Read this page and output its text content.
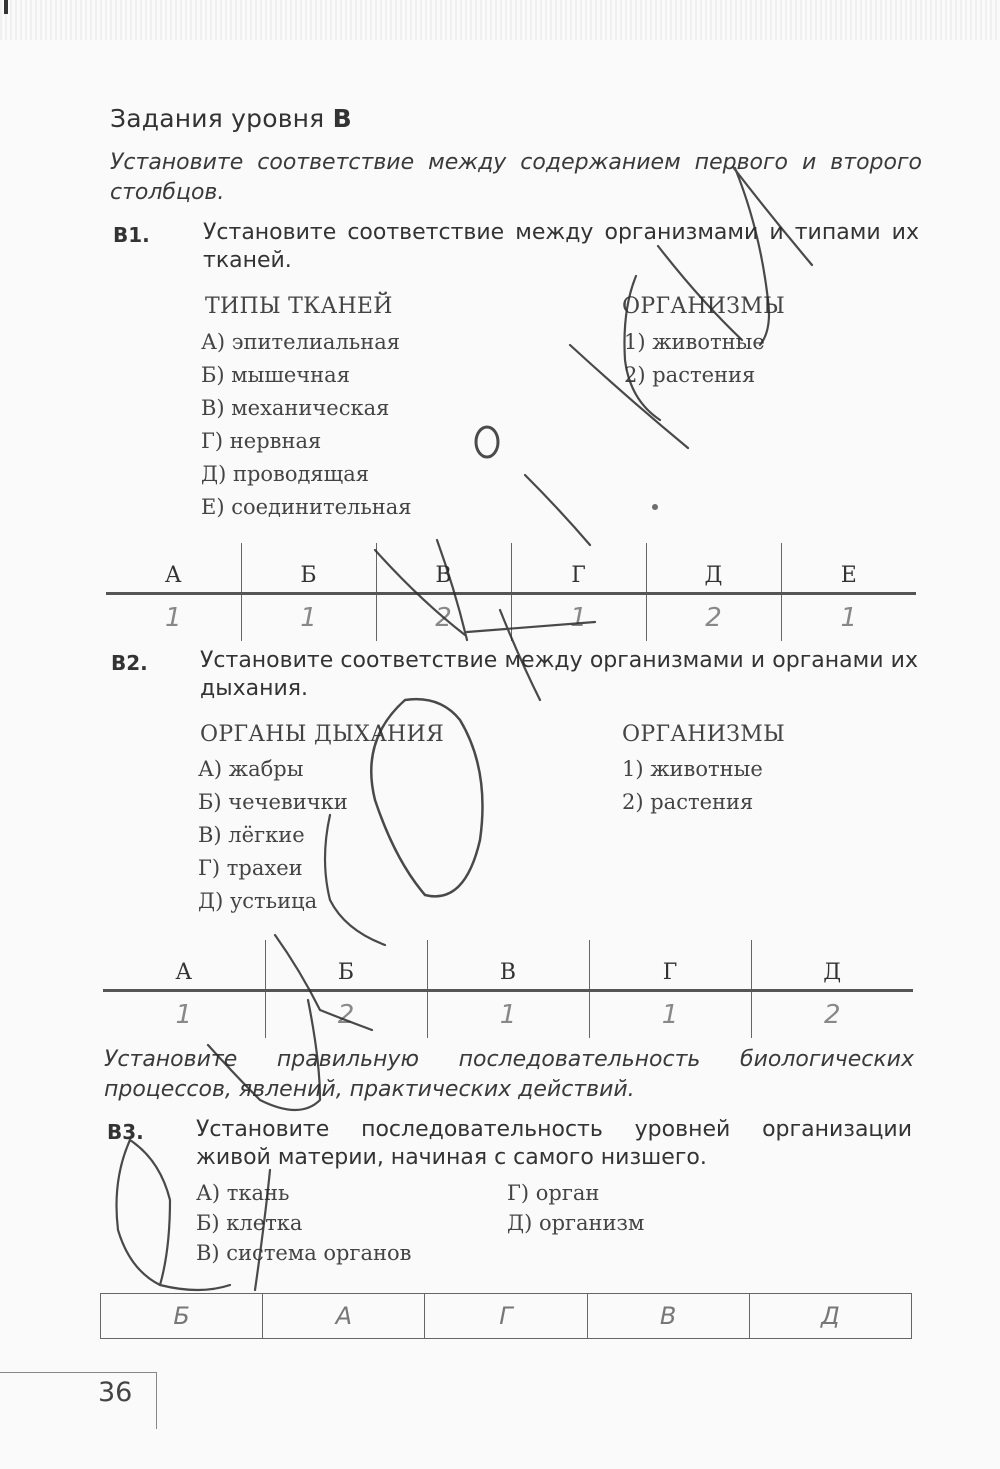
Задания уровня В
Установите соответствие между содержанием первого и второго столбцов.
В1. Установите соответствие между организмами и типами их тканей.
ТИПЫ ТКАНЕЙ
А) эпителиальная
Б) мышечная
В) механическая
Г) нервная
Д) проводящая
Е) соединительная
ОРГАНИЗМЫ
1) животные
2) растения
А	Б	В	Г	Д	Е
1	1	2	1	2	1
В2. Установите соответствие между организмами и органами их дыхания.
ОРГАНЫ ДЫХАНИЯ
А) жабры
Б) чечевички
В) лёгкие
Г) трахеи
Д) устьица
ОРГАНИЗМЫ
1) животные
2) растения
А	Б	В	Г	Д
1	2	1	1	2
Установите правильную последовательность биологических процессов, явлений, практических действий.
В3. Установите последовательность уровней организации живой материи, начиная с самого низшего.
А) ткань
Б) клетка
В) система органов
Г) орган
Д) организм
Б	А	Г	В	Д
36
